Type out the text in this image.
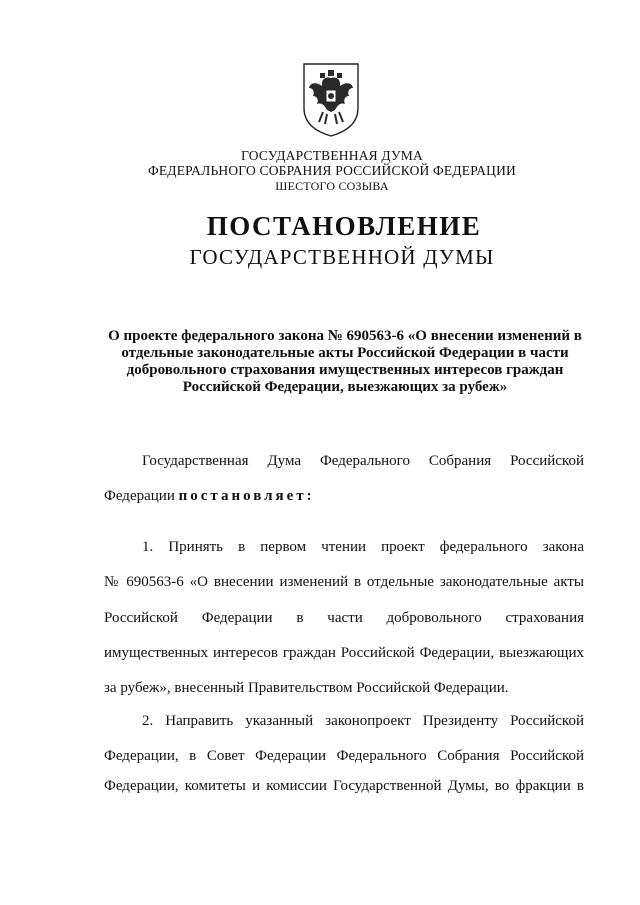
ГОСУДАРСТВЕННАЯ ДУМА
ФЕДЕРАЛЬНОГО СОБРАНИЯ РОССИЙСКОЙ ФЕДЕРАЦИИ
ШЕСТОГО СОЗЫВА
ПОСТАНОВЛЕНИЕ
ГОСУДАРСТВЕННОЙ ДУМЫ
О проекте федерального закона № 690563-6 «О внесении изменений в
отдельные законодательные акты Российской Федерации в части
добровольного страхования имущественных интересов граждан
Российской Федерации, выезжающих за рубеж»
Государственная Дума Федерального Собрания Российской
Федерации постановляет:
1. Принять в первом чтении проект федерального закона
№ 690563-6 «О внесении изменений в отдельные законодательные акты
Российской Федерации в части добровольного страхования
имущественных интересов граждан Российской Федерации, выезжающих
за рубеж», внесенный Правительством Российской Федерации.
2. Направить указанный законопроект Президенту Российской
Федерации, в Совет Федерации Федерального Собрания Российской
Федерации, комитеты и комиссии Государственной Думы, во фракции в
